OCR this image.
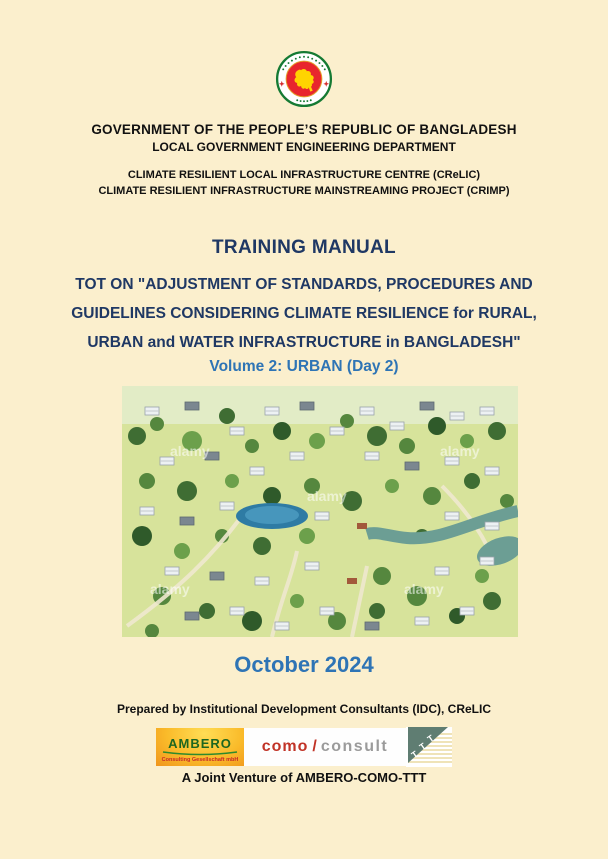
GOVERNMENT OF THE PEOPLE’S REPUBLIC OF BANGLADESH
LOCAL GOVERNMENT ENGINEERING DEPARTMENT
CLIMATE RESILIENT LOCAL INFRASTRUCTURE CENTRE (CReLIC)
CLIMATE RESILIENT INFRASTRUCTURE MAINSTREAMING PROJECT (CRIMP)
TRAINING MANUAL
TOT ON "ADJUSTMENT OF STANDARDS, PROCEDURES AND
GUIDELINES CONSIDERING CLIMATE RESILIENCE for RURAL,
URBAN and WATER INFRASTRUCTURE in BANGLADESH"
Volume 2: URBAN (Day 2)
alamy	alamy
alamy
alamy	alamy
October 2024
Prepared by Institutional Development Consultants (IDC), CReLIC
AMBERO
Consulting Gesellschaft mbH
como / consult T
T
T
A Joint Venture of AMBERO-COMO-TTT
